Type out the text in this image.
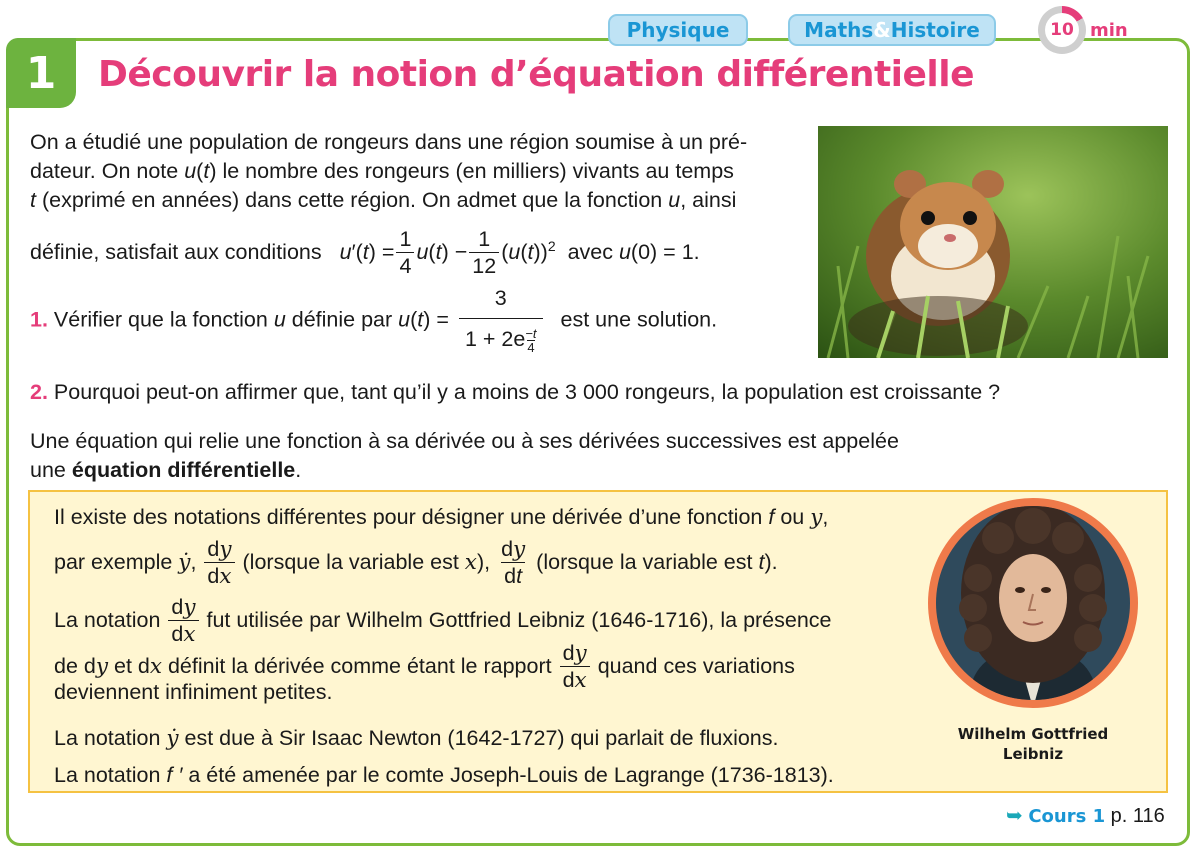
1 Découvrir la notion d’équation différentielle
Physique	Maths & Histoire	10 min
On a étudié une population de rongeurs dans une région soumise à un pré-
dateur. On note u(t) le nombre des rongeurs (en milliers) vivants au temps
t (exprimé en années) dans cette région. On admet que la fonction u, ainsi
définie, satisfait aux conditions $u'(t) = \frac{1}{4} u(t) - \frac{1}{12} (u(t))^2$ avec u(0) = 1.
1. Vérifier que la fonction u définie par u(t) = 3
1 + 2e $^{\frac{-t}{4}}$ est une solution.
2. Pourquoi peut-on affirmer que, tant qu’il y a moins de 3 000 rongeurs, la population est croissante ?
Une équation qui relie une fonction à sa dérivée ou à ses dérivées successives est appelée
une équation différentielle.
Il existe des notations différentes pour désigner une dérivée d’une fonction f ou y,
par exemple ẏ, $\frac{dy}{dx}$ (lorsque la variable est x), $\frac{dy}{dt}$ (lorsque la variable est t).
La notation $\frac{dy}{dx}$ fut utilisée par Wilhelm Gottfried Leibniz (1646-1716), la présence
de dy et dx définit la dérivée comme étant le rapport $\frac{dy}{dx}$ quand ces variations
deviennent infiniment petites.
La notation ẏ est due à Sir Isaac Newton (1642-1727) qui parlait de fluxions.
La notation f ′ a été amenée par le comte Joseph-Louis de Lagrange (1736-1813).
Wilhelm Gottfried
Leibniz
➥ Cours 1 p. 116
